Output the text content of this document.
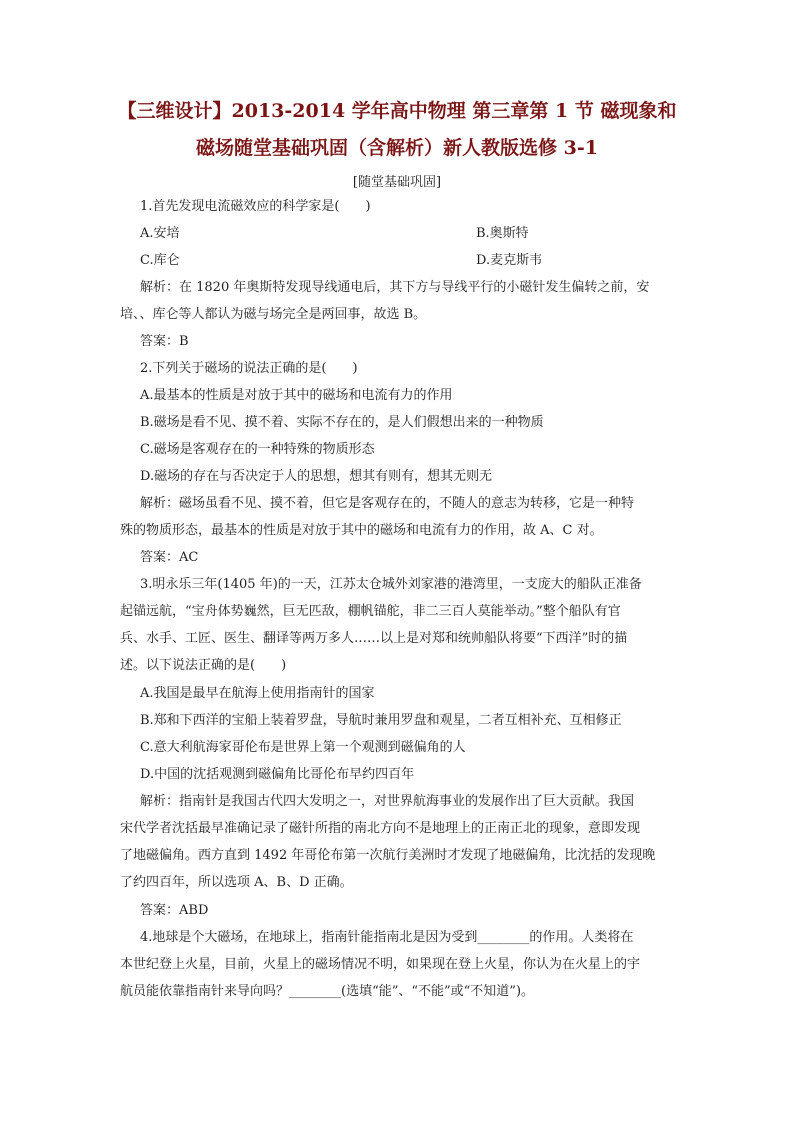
【三维设计】2013-2014 学年高中物理 第三章第 1 节 磁现象和
磁场随堂基础巩固（含解析）新人教版选修 3-1
[随堂基础巩固]
1.首先发现电流磁效应的科学家是(　　)
A.安培	B.奥斯特
C.库仑	D.麦克斯韦
解析：在 1820 年奥斯特发现导线通电后，其下方与导线平行的小磁针发生偏转之前，安
培、、库仑等人都认为磁与场完全是两回事，故选 B。
答案：B
2.下列关于磁场的说法正确的是(　　)
A.最基本的性质是对放于其中的磁场和电流有力的作用
B.磁场是看不见、摸不着、实际不存在的，是人们假想出来的一种物质
C.磁场是客观存在的一种特殊的物质形态
D.磁场的存在与否决定于人的思想，想其有则有，想其无则无
解析：磁场虽看不见、摸不着，但它是客观存在的，不随人的意志为转移，它是一种特
殊的物质形态，最基本的性质是对放于其中的磁场和电流有力的作用，故 A、C 对。
答案：AC
3.明永乐三年(1405 年)的一天，江苏太仓城外刘家港的港湾里，一支庞大的船队正准备
起锚远航，“宝舟体势巍然，巨无匹敌，棚帆锚舵，非二三百人莫能举动。”整个船队有官
兵、水手、工匠、医生、翻译等两万多人……以上是对郑和统帅船队将要“下西洋”时的描
述。以下说法正确的是(　　)
A.我国是最早在航海上使用指南针的国家
B.郑和下西洋的宝船上装着罗盘，导航时兼用罗盘和观星，二者互相补充、互相修正
C.意大利航海家哥伦布是世界上第一个观测到磁偏角的人
D.中国的沈括观测到磁偏角比哥伦布早约四百年
解析：指南针是我国古代四大发明之一，对世界航海事业的发展作出了巨大贡献。我国
宋代学者沈括最早准确记录了磁针所指的南北方向不是地理上的正南正北的现象，意即发现
了地磁偏角。西方直到 1492 年哥伦布第一次航行美洲时才发现了地磁偏角，比沈括的发现晚
了约四百年，所以选项 A、B、D 正确。
答案：ABD
4.地球是个大磁场，在地球上，指南针能指南北是因为受到________的作用。人类将在
本世纪登上火星，目前，火星上的磁场情况不明，如果现在登上火星，你认为在火星上的宇
航员能依靠指南针来导向吗？________(选填“能”、“不能”或“不知道”)。
